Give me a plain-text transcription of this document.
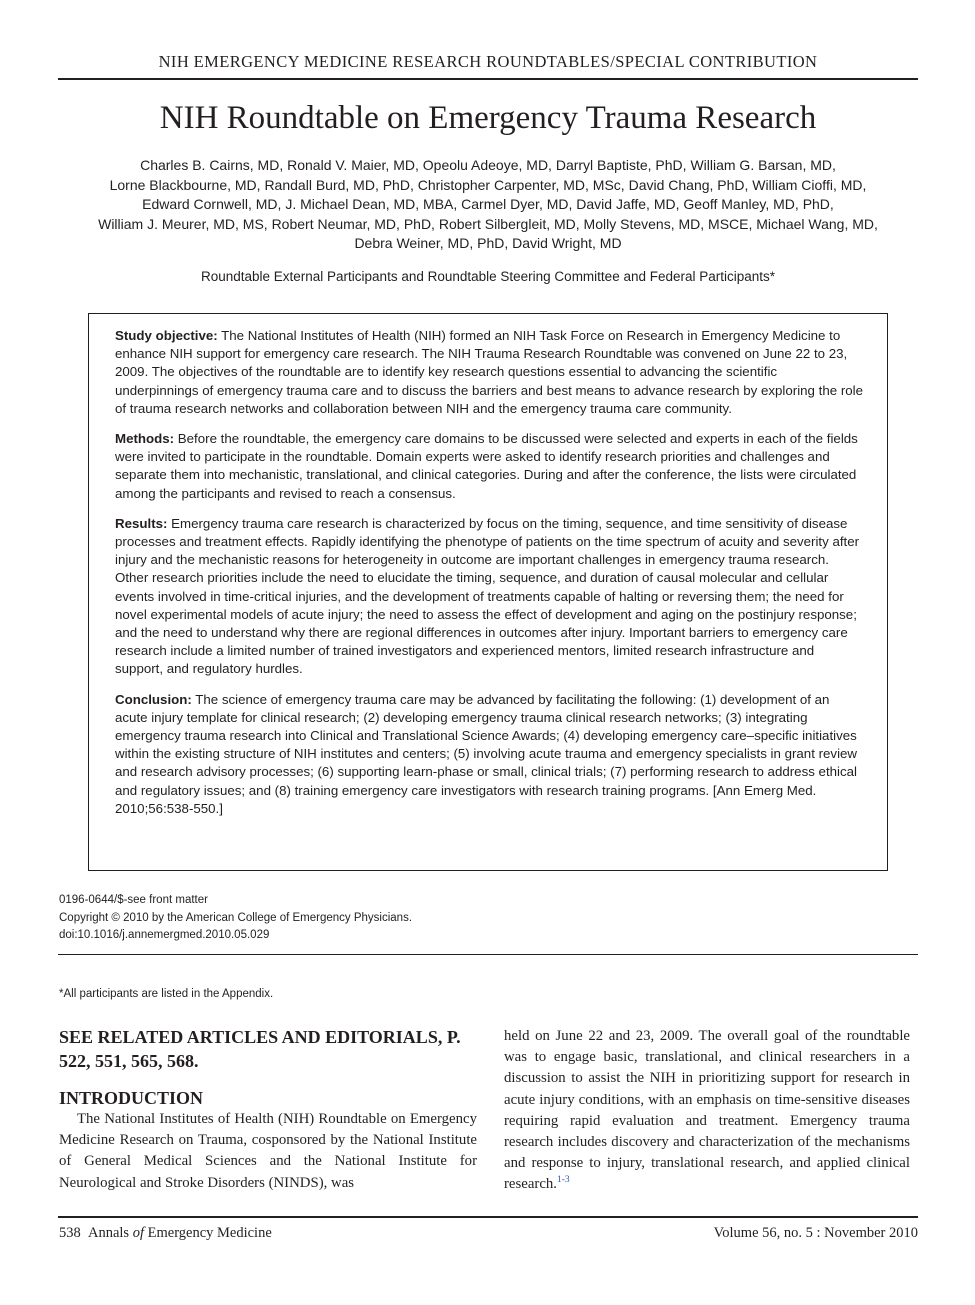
NIH EMERGENCY MEDICINE RESEARCH ROUNDTABLES/SPECIAL CONTRIBUTION
NIH Roundtable on Emergency Trauma Research
Charles B. Cairns, MD, Ronald V. Maier, MD, Opeolu Adeoye, MD, Darryl Baptiste, PhD, William G. Barsan, MD,
Lorne Blackbourne, MD, Randall Burd, MD, PhD, Christopher Carpenter, MD, MSc, David Chang, PhD, William Cioffi, MD,
Edward Cornwell, MD, J. Michael Dean, MD, MBA, Carmel Dyer, MD, David Jaffe, MD, Geoff Manley, MD, PhD,
William J. Meurer, MD, MS, Robert Neumar, MD, PhD, Robert Silbergleit, MD, Molly Stevens, MD, MSCE, Michael Wang, MD,
Debra Weiner, MD, PhD, David Wright, MD
Roundtable External Participants and Roundtable Steering Committee and Federal Participants*

Study objective: The National Institutes of Health (NIH) formed an NIH Task Force on Research in Emergency Medicine to enhance NIH support for emergency care research. The NIH Trauma Research Roundtable was convened on June 22 to 23, 2009. The objectives of the roundtable are to identify key research questions essential to advancing the scientific underpinnings of emergency trauma care and to discuss the barriers and best means to advance research by exploring the role of trauma research networks and collaboration between NIH and the emergency trauma care community.

Methods: Before the roundtable, the emergency care domains to be discussed were selected and experts in each of the fields were invited to participate in the roundtable. Domain experts were asked to identify research priorities and challenges and separate them into mechanistic, translational, and clinical categories. During and after the conference, the lists were circulated among the participants and revised to reach a consensus.

Results: Emergency trauma care research is characterized by focus on the timing, sequence, and time sensitivity of disease processes and treatment effects. Rapidly identifying the phenotype of patients on the time spectrum of acuity and severity after injury and the mechanistic reasons for heterogeneity in outcome are important challenges in emergency trauma research. Other research priorities include the need to elucidate the timing, sequence, and duration of causal molecular and cellular events involved in time-critical injuries, and the development of treatments capable of halting or reversing them; the need for novel experimental models of acute injury; the need to assess the effect of development and aging on the postinjury response; and the need to understand why there are regional differences in outcomes after injury. Important barriers to emergency care research include a limited number of trained investigators and experienced mentors, limited research infrastructure and support, and regulatory hurdles.

Conclusion: The science of emergency trauma care may be advanced by facilitating the following: (1) development of an acute injury template for clinical research; (2) developing emergency trauma clinical research networks; (3) integrating emergency trauma research into Clinical and Translational Science Awards; (4) developing emergency care–specific initiatives within the existing structure of NIH institutes and centers; (5) involving acute trauma and emergency specialists in grant review and research advisory processes; (6) supporting learn-phase or small, clinical trials; (7) performing research to address ethical and regulatory issues; and (8) training emergency care investigators with research training programs. [Ann Emerg Med. 2010;56:538-550.]

0196-0644/$-see front matter
Copyright © 2010 by the American College of Emergency Physicians.
doi:10.1016/j.annemergmed.2010.05.029
*All participants are listed in the Appendix.

SEE RELATED ARTICLES AND EDITORIALS, P. 522, 551, 565, 568.

INTRODUCTION

The National Institutes of Health (NIH) Roundtable on Emergency Medicine Research on Trauma, cosponsored by the National Institute of General Medical Sciences and the National Institute for Neurological and Stroke Disorders (NINDS), was

held on June 22 and 23, 2009. The overall goal of the roundtable was to engage basic, translational, and clinical researchers in a discussion to assist the NIH in prioritizing support for research in acute injury conditions, with an emphasis on time-sensitive diseases requiring rapid evaluation and treatment. Emergency trauma research includes discovery and characterization of the mechanisms and response to injury, translational research, and applied clinical research.$^{1-3}$

538 Annals of Emergency Medicine	Volume 56, no. 5 : November 2010
